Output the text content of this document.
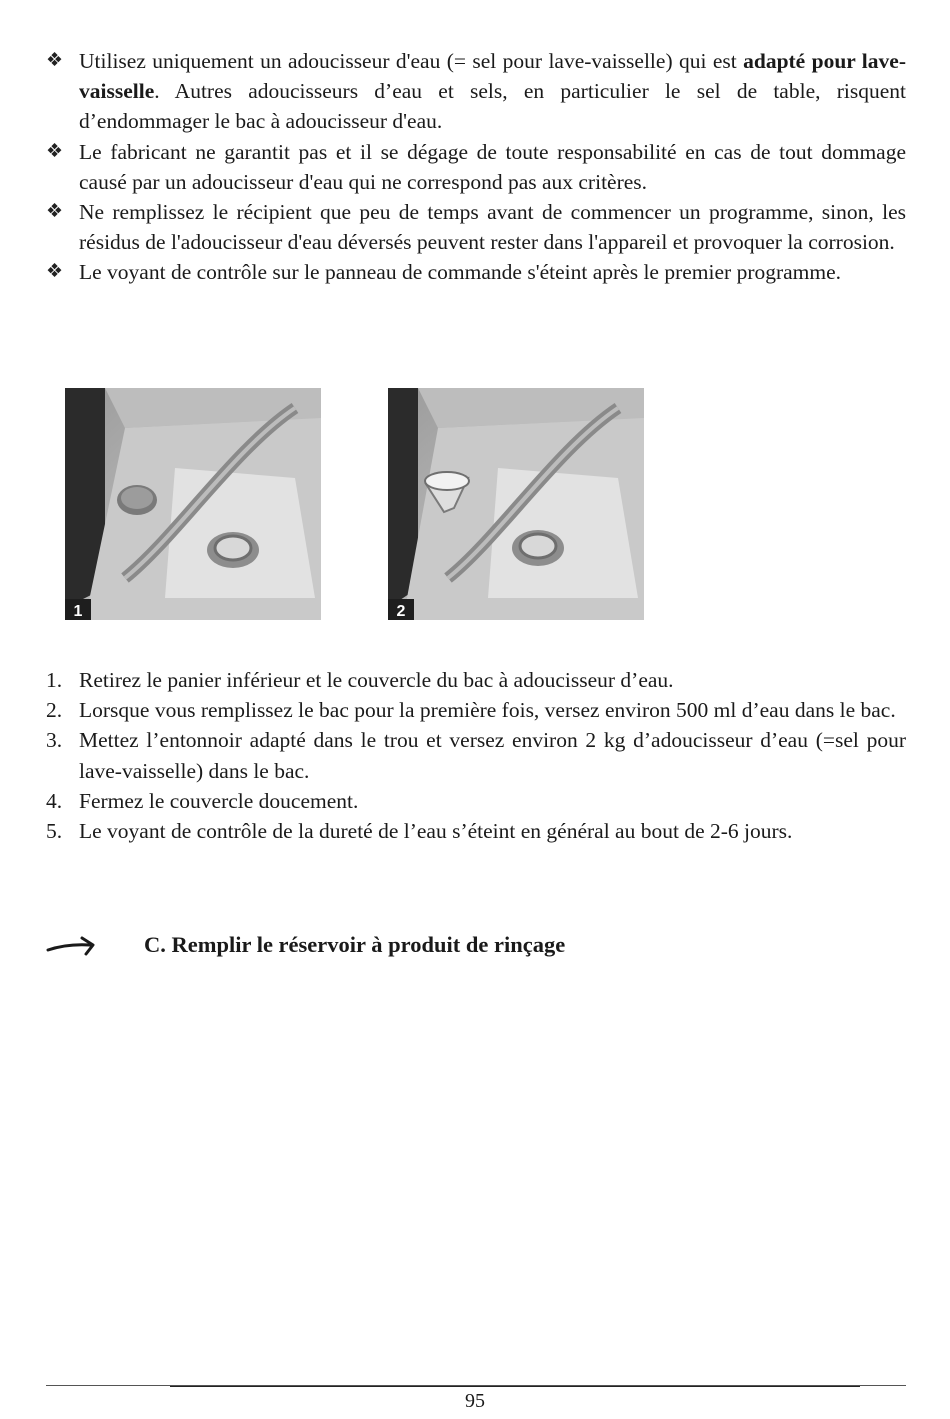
❖ Utilisez uniquement un adoucisseur d'eau (= sel pour lave-vaisselle) qui est adapté pour lave-vaisselle. Autres adoucisseurs d’eau et sels, en particulier le sel de table, risquent d’endommager le bac à adoucisseur d'eau.
❖ Le fabricant ne garantit pas et il se dégage de toute responsabilité en cas de tout dommage causé par un adoucisseur d'eau qui ne correspond pas aux critères.
❖ Ne remplissez le récipient que peu de temps avant de commencer un programme, sinon, les résidus de l'adoucisseur d'eau déversés peuvent rester dans l'appareil et provoquer la corrosion.
❖ Le voyant de contrôle sur le panneau de commande s'éteint après le premier programme.
1	2
1. Retirez le panier inférieur et le couvercle du bac à adoucisseur d’eau.
2. Lorsque vous remplissez le bac pour la première fois, versez environ 500 ml d’eau dans le bac.
3. Mettez l’entonnoir adapté dans le trou et versez environ 2 kg d’adoucisseur d’eau (=sel pour lave-vaisselle) dans le bac.
4. Fermez le couvercle doucement.
5. Le voyant de contrôle de la dureté de l’eau s’éteint en général au bout de 2-6 jours.
C. Remplir le réservoir à produit de rinçage
95
